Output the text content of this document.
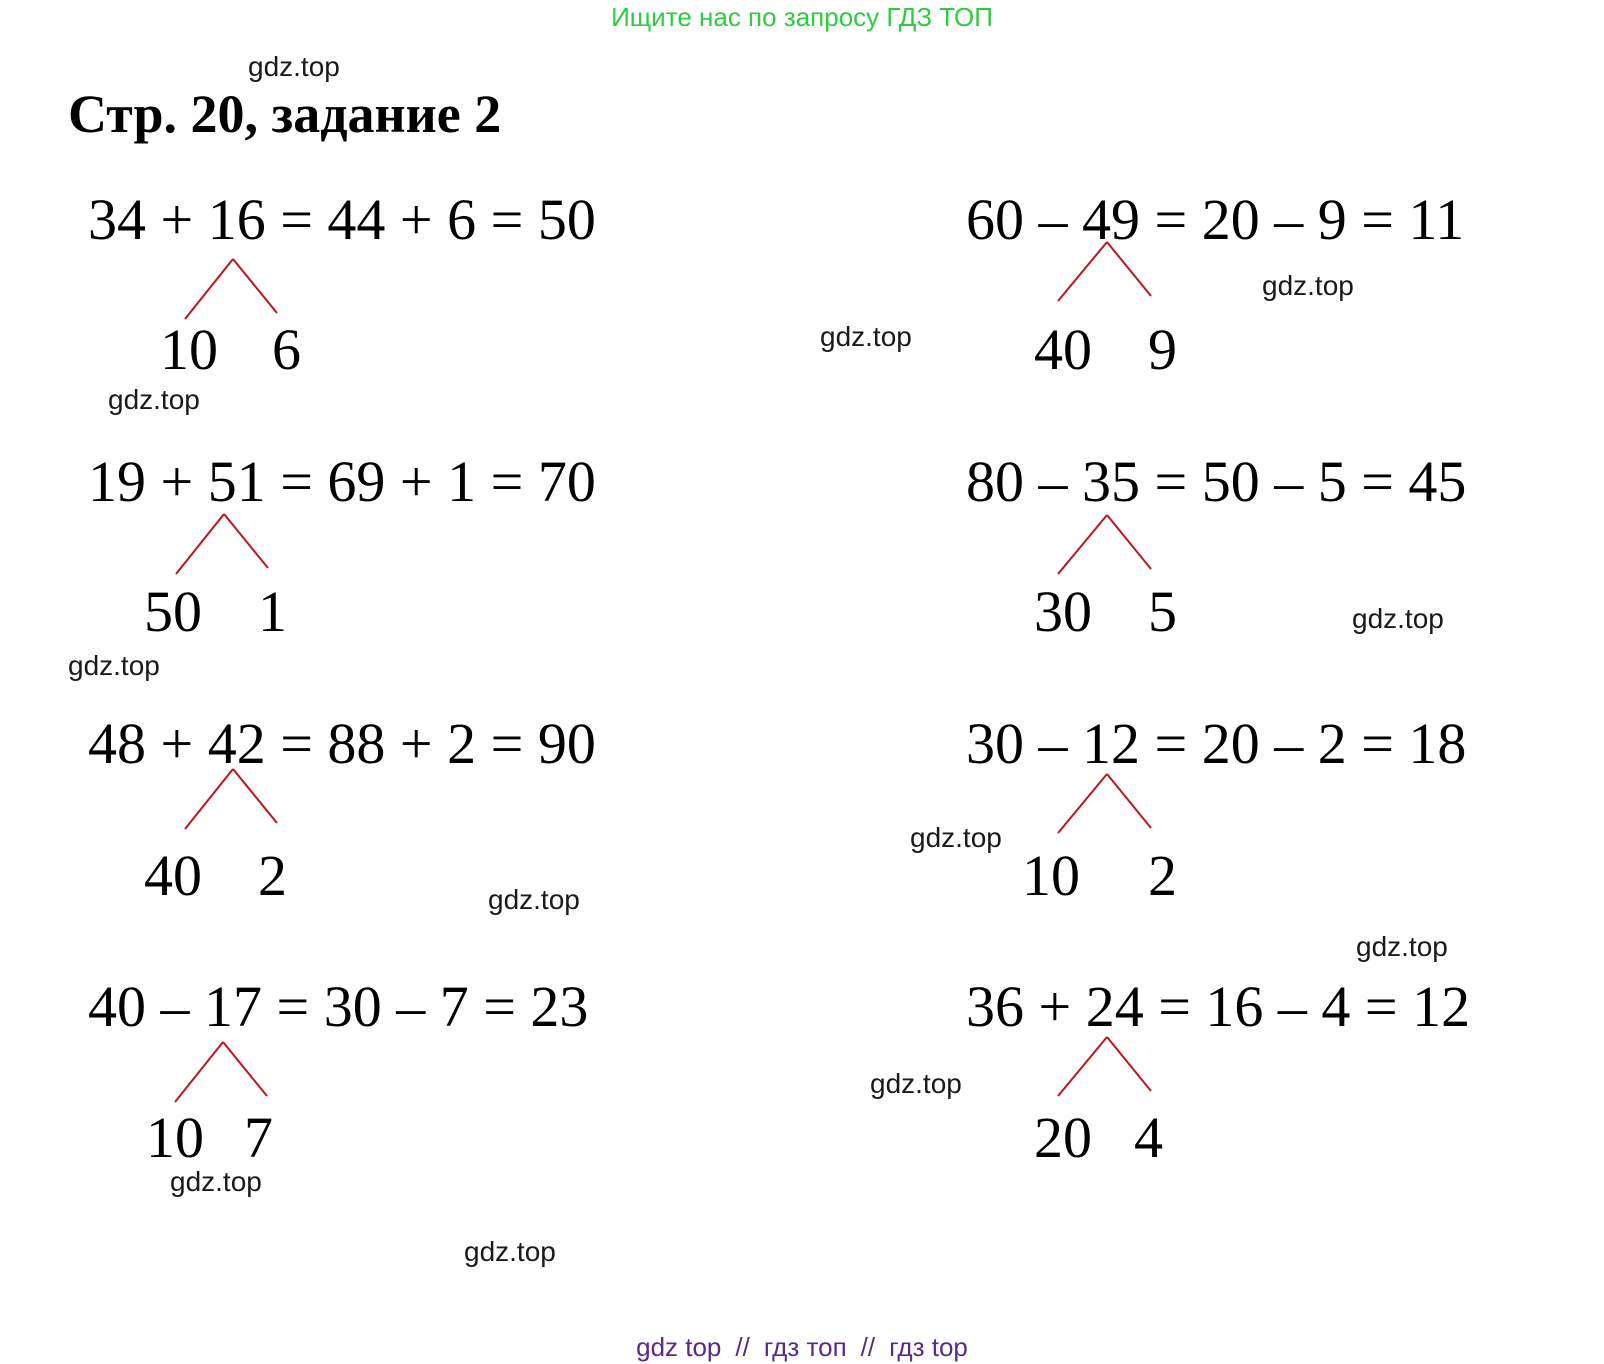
Ищите нас по запросу ГДЗ ТОП
Стр. 20, задание 2
gdz.top
gdz.top
gdz.top
gdz.top
gdz.top
gdz.top
gdz.top
gdz.top
gdz.top
gdz.top
gdz.top
gdz.top
34 + 16 = 44 + 6 = 50
10 6
60 – 49 = 20 – 9 = 11
40 9
19 + 51 = 69 + 1 = 70
50 1
80 – 35 = 50 – 5 = 45
30 5
48 + 42 = 88 + 2 = 90
40 2
30 – 12 = 20 – 2 = 18
10 2
40 – 17 = 30 – 7 = 23
10 7
36 + 24 = 16 – 4 = 12
20 4
gdz top // гдз топ // гдз top
